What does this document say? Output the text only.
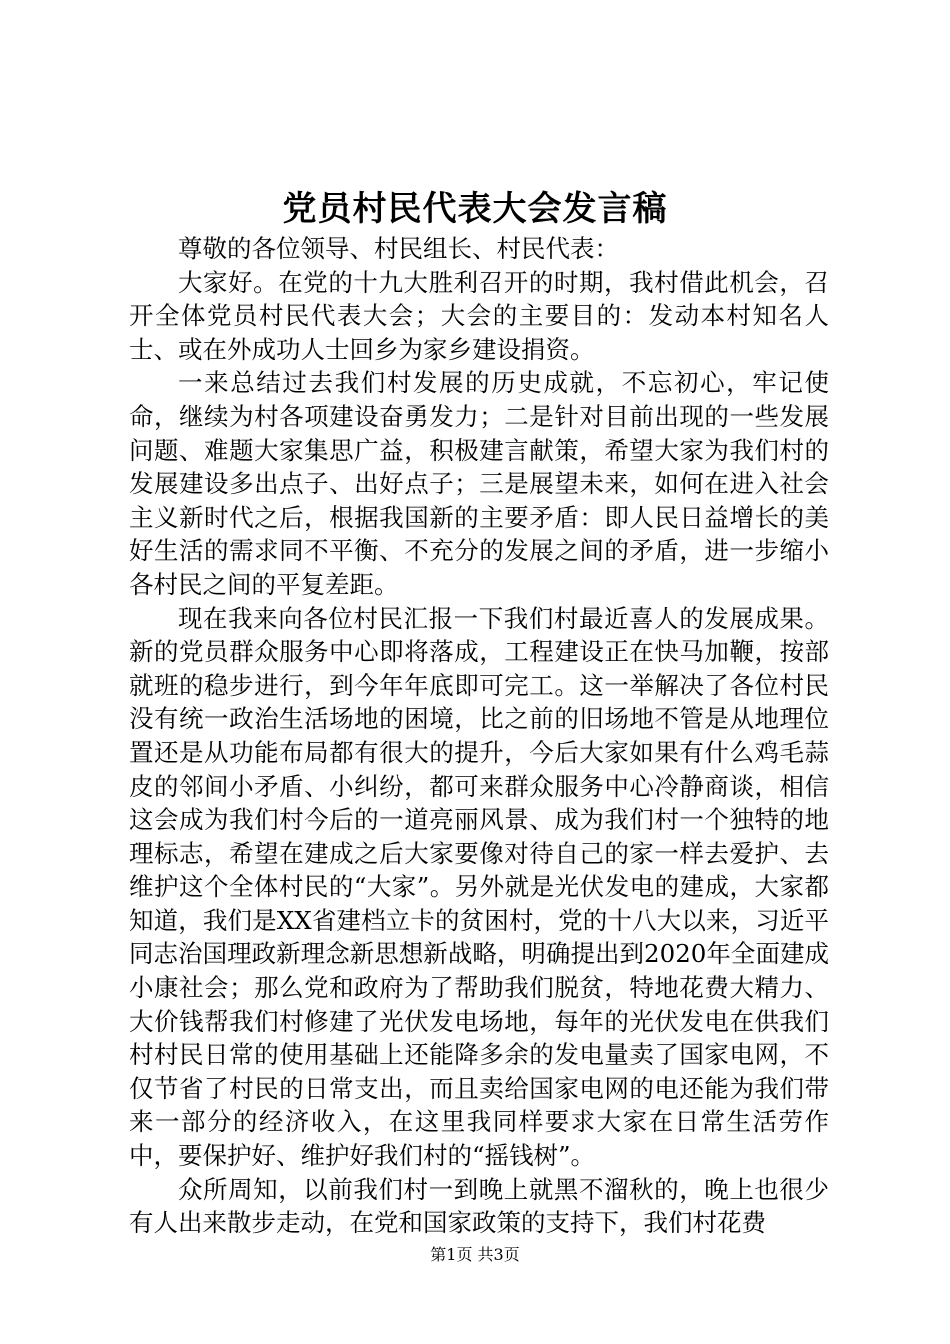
党员村民代表大会发言稿

尊敬的各位领导、村民组长、村民代表：

大家好。在党的十九大胜利召开的时期，我村借此机会，召开全体党员村民代表大会；大会的主要目的：发动本村知名人士、或在外成功人士回乡为家乡建设捐资。

一来总结过去我们村发展的历史成就，不忘初心，牢记使命，继续为村各项建设奋勇发力；二是针对目前出现的一些发展问题、难题大家集思广益，积极建言献策，希望大家为我们村的发展建设多出点子、出好点子；三是展望未来，如何在进入社会主义新时代之后，根据我国新的主要矛盾：即人民日益增长的美好生活的需求同不平衡、不充分的发展之间的矛盾，进一步缩小各村民之间的平复差距。

现在我来向各位村民汇报一下我们村最近喜人的发展成果。新的党员群众服务中心即将落成，工程建设正在快马加鞭，按部就班的稳步进行，到今年年底即可完工。这一举解决了各位村民没有统一政治生活场地的困境，比之前的旧场地不管是从地理位置还是从功能布局都有很大的提升，今后大家如果有什么鸡毛蒜皮的邻间小矛盾、小纠纷，都可来群众服务中心冷静商谈，相信这会成为我们村今后的一道亮丽风景、成为我们村一个独特的地理标志，希望在建成之后大家要像对待自己的家一样去爱护、去维护这个全体村民的“大家”。另外就是光伏发电的建成，大家都知道，我们是XX省建档立卡的贫困村，党的十八大以来，习近平同志治国理政新理念新思想新战略，明确提出到2020年全面建成小康社会；那么党和政府为了帮助我们脱贫，特地花费大精力、大价钱帮我们村修建了光伏发电场地，每年的光伏发电在供我们村村民日常的使用基础上还能降多余的发电量卖了国家电网，不仅节省了村民的日常支出，而且卖给国家电网的电还能为我们带来一部分的经济收入，在这里我同样要求大家在日常生活劳作中，要保护好、维护好我们村的“摇钱树”。

众所周知，以前我们村一到晚上就黑不溜秋的，晚上也很少有人出来散步走动，在党和国家政策的支持下，我们村花费

第1页 共3页
